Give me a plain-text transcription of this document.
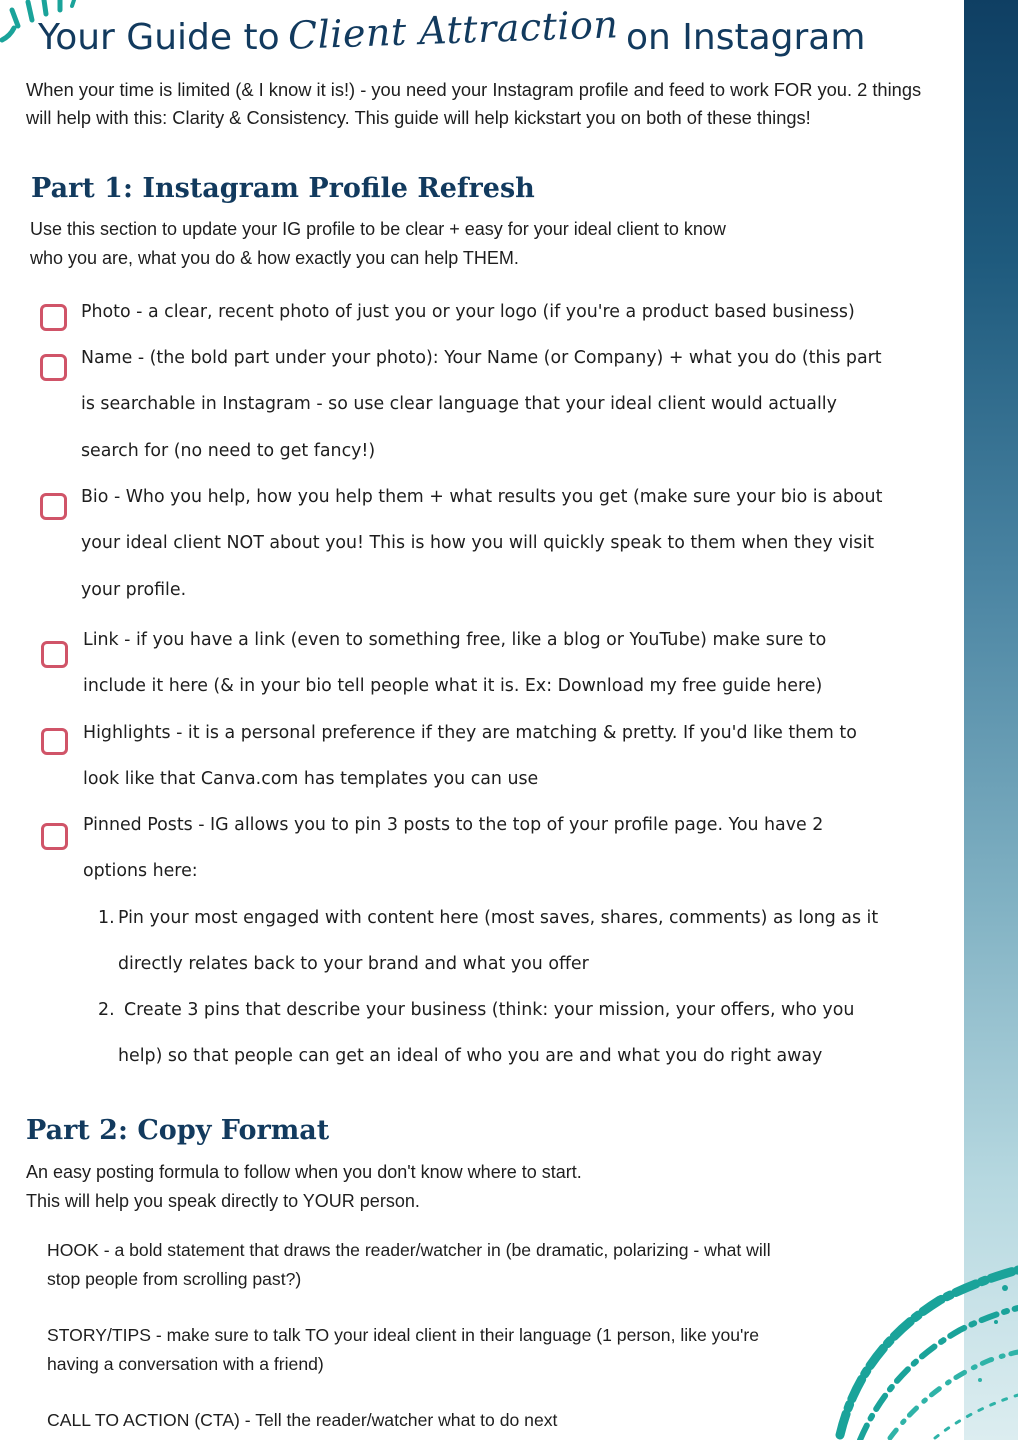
Your Guide to Client Attraction on Instagram

When your time is limited (& I know it is!) - you need your Instagram profile and feed to work FOR you. 2 things will help with this: Clarity & Consistency. This guide will help kickstart you on both of these things!

Part 1: Instagram Profile Refresh

Use this section to update your IG profile to be clear + easy for your ideal client to know
who you are, what you do & how exactly you can help THEM.

Photo - a clear, recent photo of just you or your logo (if you're a product based business)

Name - (the bold part under your photo): Your Name (or Company) + what you do (this part
is searchable in Instagram - so use clear language that your ideal client would actually
search for (no need to get fancy!)

Bio - Who you help, how you help them + what results you get (make sure your bio is about
your ideal client NOT about you! This is how you will quickly speak to them when they visit
your profile.

Link - if you have a link (even to something free, like a blog or YouTube) make sure to
include it here (& in your bio tell people what it is. Ex: Download my free guide here)

Highlights - it is a personal preference if they are matching & pretty. If you'd like them to
look like that Canva.com has templates you can use

Pinned Posts - IG allows you to pin 3 posts to the top of your profile page. You have 2
options here:

1. Pin your most engaged with content here (most saves, shares, comments) as long as it
directly relates back to your brand and what you offer
2. Create 3 pins that describe your business (think: your mission, your offers, who you
help) so that people can get an ideal of who you are and what you do right away
Part 2: Copy Format

An easy posting formula to follow when you don't know where to start.
This will help you speak directly to YOUR person.

HOOK - a bold statement that draws the reader/watcher in (be dramatic, polarizing - what will
stop people from scrolling past?)

STORY/TIPS - make sure to talk TO your ideal client in their language (1 person, like you're
having a conversation with a friend)

CALL TO ACTION (CTA) - Tell the reader/watcher what to do next
